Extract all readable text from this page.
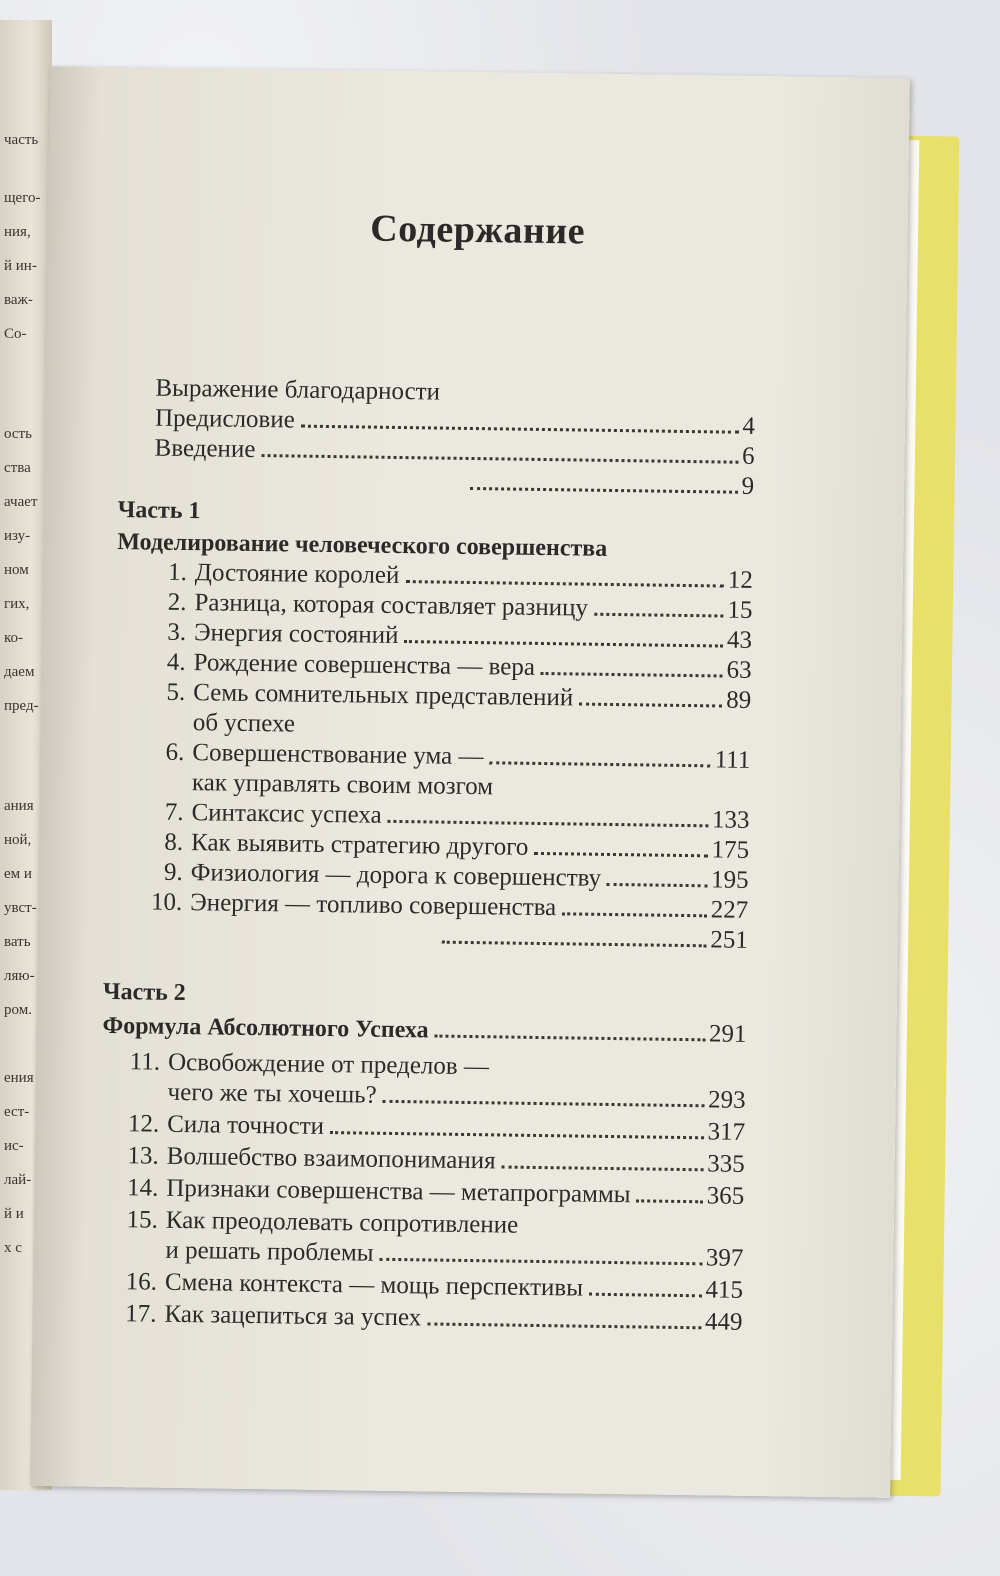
часть
щего-
ния,
й ин-
важ-
Со-
ость
ства
ачает
изу-
ном
гих,
ко-
даем
пред-
ания
ной,
ем и
увст-
вать
ляю-
ром.
ения
ест-
ис-
лай-
й и
х с
Содержание
Выражение благодарности
Предисловие	4
Введение	6
9
Часть 1
Моделирование человеческого совершенства
1. Достояние королей	12
2. Разница, которая составляет разницу	15
3. Энергия состояний	43
4. Рождение совершенства — вера	63
5. Семь сомнительных представлений	89
об успехе
6. Совершенствование ума —	111
как управлять своим мозгом
7. Синтаксис успеха	133
8. Как выявить стратегию другого	175
9. Физиология — дорога к совершенству	195
10. Энергия — топливо совершенства	227
251
Часть 2
Формула Абсолютного Успеха	291
11. Освобождение от пределов —
чего же ты хочешь?	293
12. Сила точности	317
13. Волшебство взаимопонимания	335
14. Признаки совершенства — метапрограммы	365
15. Как преодолевать сопротивление
и решать проблемы	397
16. Смена контекста — мощь перспективы	415
17. Как зацепиться за успех	449
